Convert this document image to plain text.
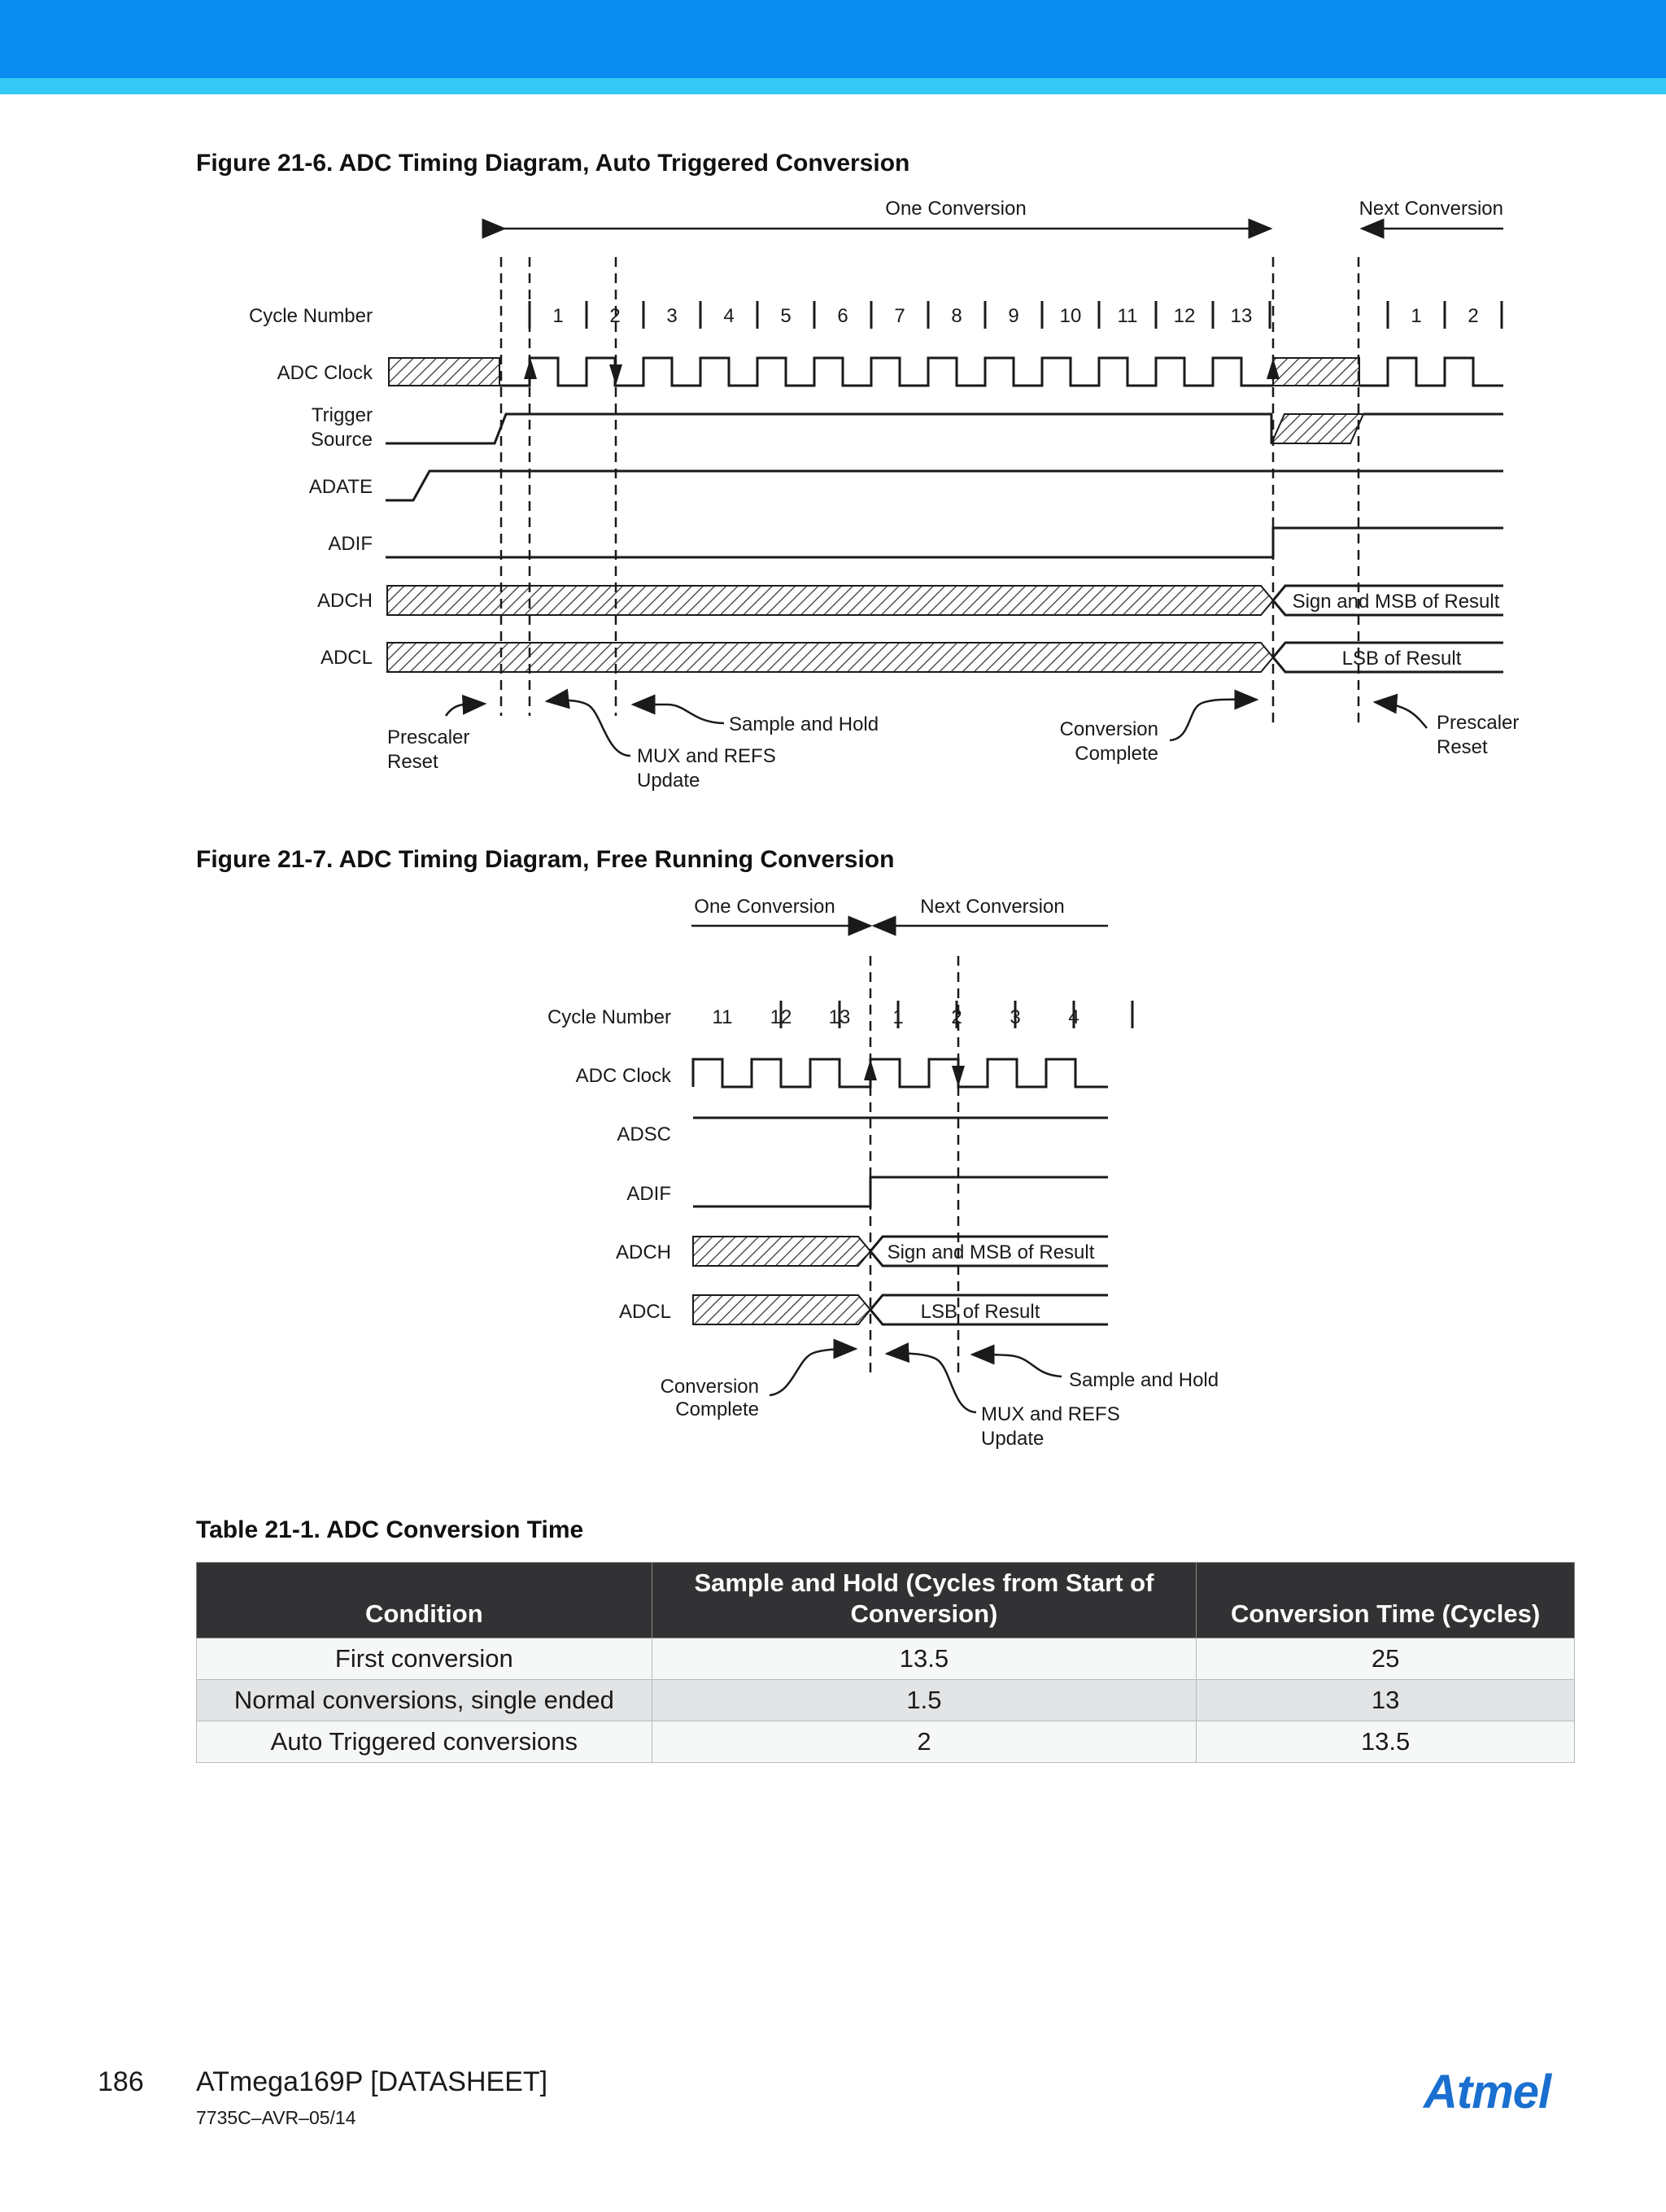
Figure 21-6. ADC Timing Diagram, Auto Triggered Conversion
One Conversion	Next Conversion
Cycle Number
ADC Clock
Trigger
Source
ADATE
ADIF
ADCH
ADCL
1 2 3 4 5 6 7 8 9 10 11 12 13	1 2
Sign and MSB of Result
LSB of Result
Prescaler
Reset	MUX and REFS
Update
Sample and Hold	Conversion
Complete
Prescaler
Reset
Figure 21-7. ADC Timing Diagram, Free Running Conversion
One Conversion	Next Conversion
Cycle Number
ADC Clock
ADSC
ADIF
ADCH
ADCL
11 12 13 1 2 3 4
Sign and MSB of Result
LSB of Result
Conversion
Complete	MUX and REFS
Update
Sample and Hold
Table 21-1. ADC Conversion Time
Condition	Sample and Hold (Cycles from Start of Conversion)	Conversion Time (Cycles)
First conversion	13.5	25
Normal conversions, single ended	1.5	13
Auto Triggered conversions	2	13.5
186 ATmega169P [DATASHEET]
7735C–AVR–05/14	Atmel
